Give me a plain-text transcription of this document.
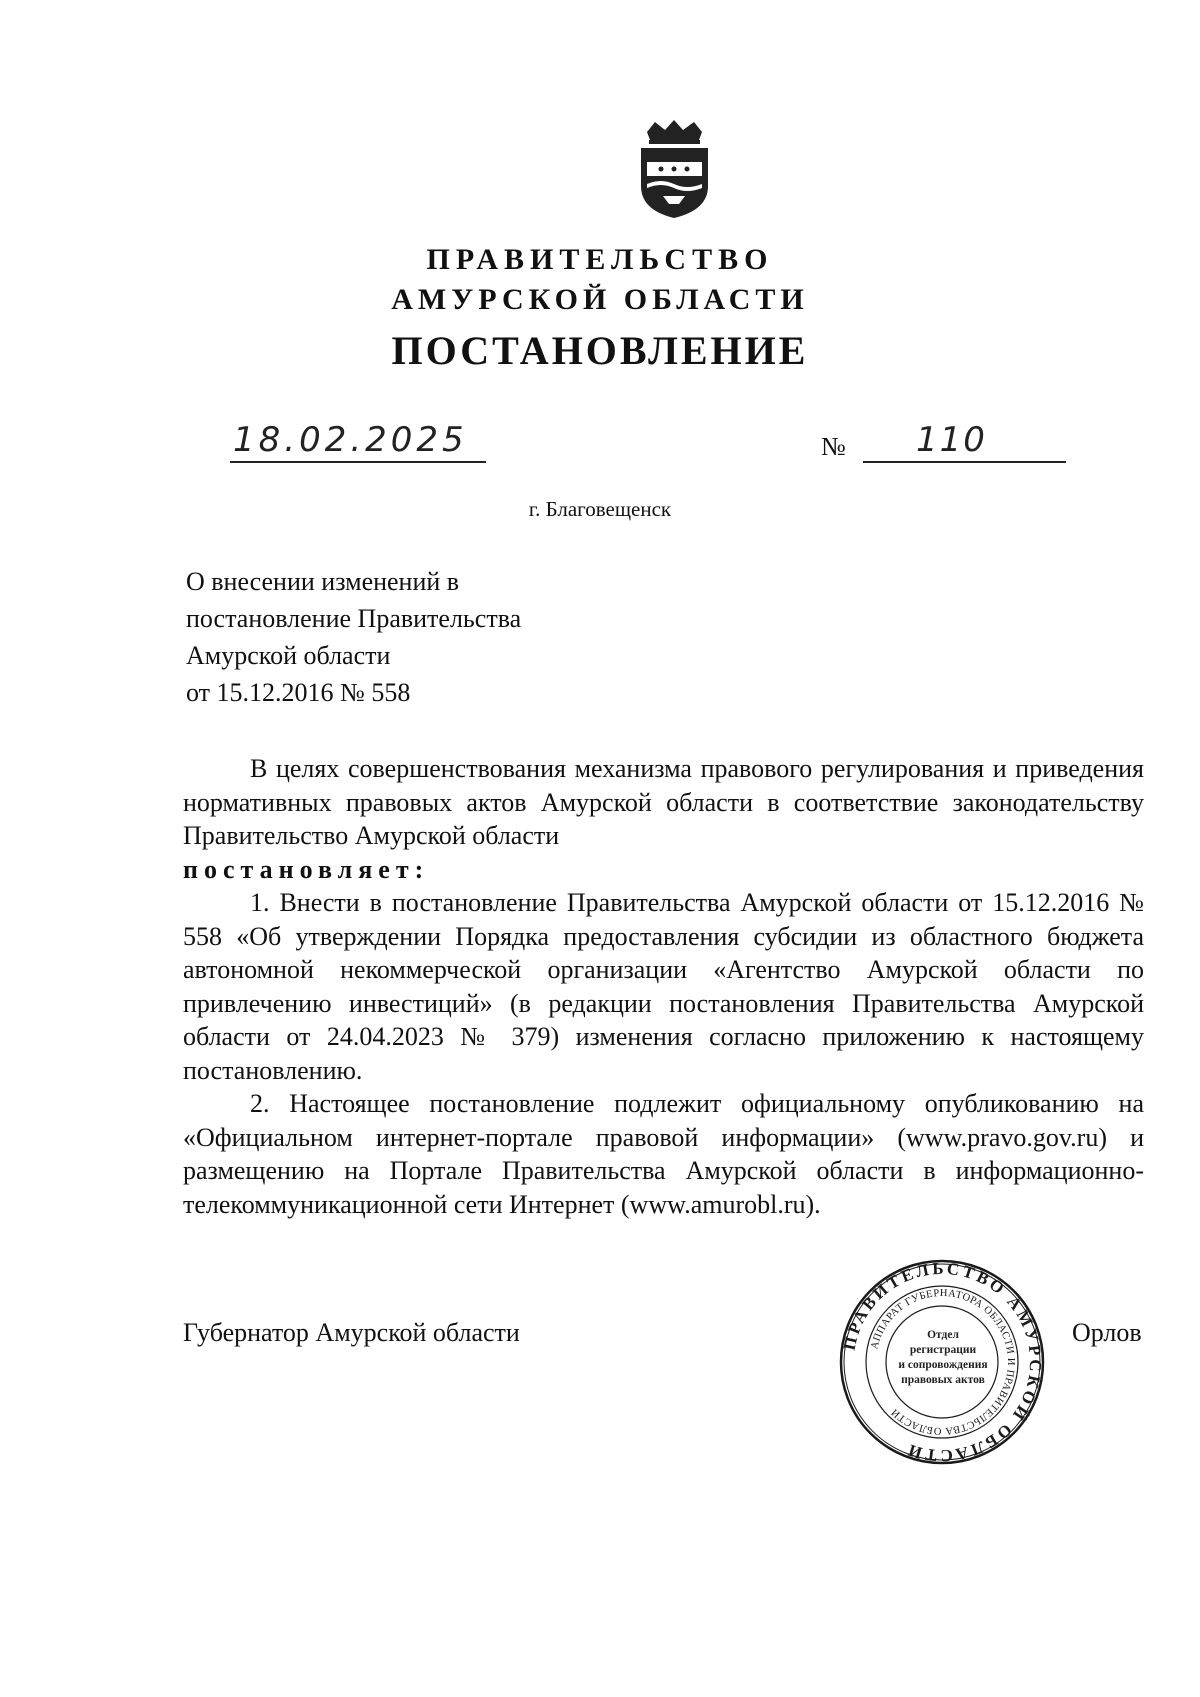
ПРАВИТЕЛЬСТВО
АМУРСКОЙ ОБЛАСТИ
ПОСТАНОВЛЕНИЕ
18.02.2025	№ 110
г. Благовещенск
О внесении изменений в
постановление Правительства
Амурской области
от 15.12.2016 № 558

В целях совершенствования механизма правового регулирования и приведения нормативных правовых актов Амурской области в соответствие законодательству Правительство Амурской области

постановляет:

1. Внести в постановление Правительства Амурской области от 15.12.2016 № 558 «Об утверждении Порядка предоставления субсидии из областного бюджета автономной некоммерческой организации «Агентство Амурской области по привлечению инвестиций» (в редакции постановления Правительства Амурской области от 24.04.2023 № 379) изменения согласно приложению к настоящему постановлению.

2. Настоящее постановление подлежит официальному опубликованию на «Официальном интернет-портале правовой информации» (www.pravo.gov.ru) и размещению на Портале Правительства Амурской области в информационно-телекоммуникационной сети Интернет (www.amurobl.ru).

Губернатор Амурской области	Орлов
ПРАВИТЕЛЬСТВО АМУРСКОЙ ОБЛАСТИ
АППАРАТ ГУБЕРНАТОРА ОБЛАСТИ И ПРАВИТЕЛЬСТВА ОБЛАСТИ
Отдел
регистрации
и сопровождения
правовых актов
